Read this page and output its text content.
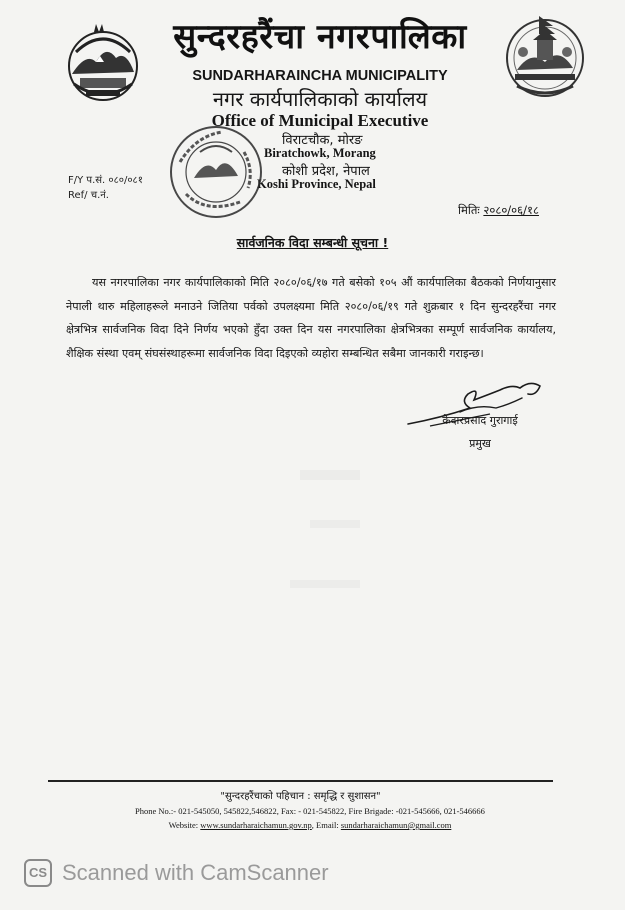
सुन्दरहरैंचा नगरपालिका
SUNDARHARAINCHA MUNICIPALITY
नगर कार्यपालिकाको कार्यालय
Office of Municipal Executive
विराटचौक, मोरङ
Biratchowk, Morang
कोशी प्रदेश, नेपाल
Koshi Province, Nepal
F/Y प.सं. ०८०/०८१
Ref/ च.नं.
मितिः २०८०/०६/१८
सार्वजनिक विदा सम्बन्धी सूचना !
यस नगरपालिका नगर कार्यपालिकाको मिति २०८०/०६/१७ गते बसेको १०५ औं कार्यपालिका बैठकको निर्णयानुसार नेपाली थारु महिलाहरूले मनाउने जितिया पर्वको उपलक्ष्यमा मिति २०८०/०६/१९ गते शुक्रबार १ दिन सुन्दरहरैंचा नगर क्षेत्रभित्र सार्वजनिक विदा दिने निर्णय भएको हुँदा उक्त दिन यस नगरपालिका क्षेत्रभित्रका सम्पूर्ण सार्वजनिक कार्यालय, शैक्षिक संस्था एवम् संघसंस्थाहरूमा सार्वजनिक विदा दिइएको व्यहोरा सम्बन्धित सबैमा जानकारी गराइन्छ।
केदारप्रसाद गुरागाई
प्रमुख
"सुन्दरहरैंचाको पहिचान : समृद्धि र सुशासन"
Phone No.:- 021-545050, 545822,546822, Fax: - 021-545822, Fire Brigade: -021-545666, 021-546666
Website: www.sundarharaichamun.gov.np, Email: sundarharaichamun@gmail.com
CS Scanned with CamScanner
